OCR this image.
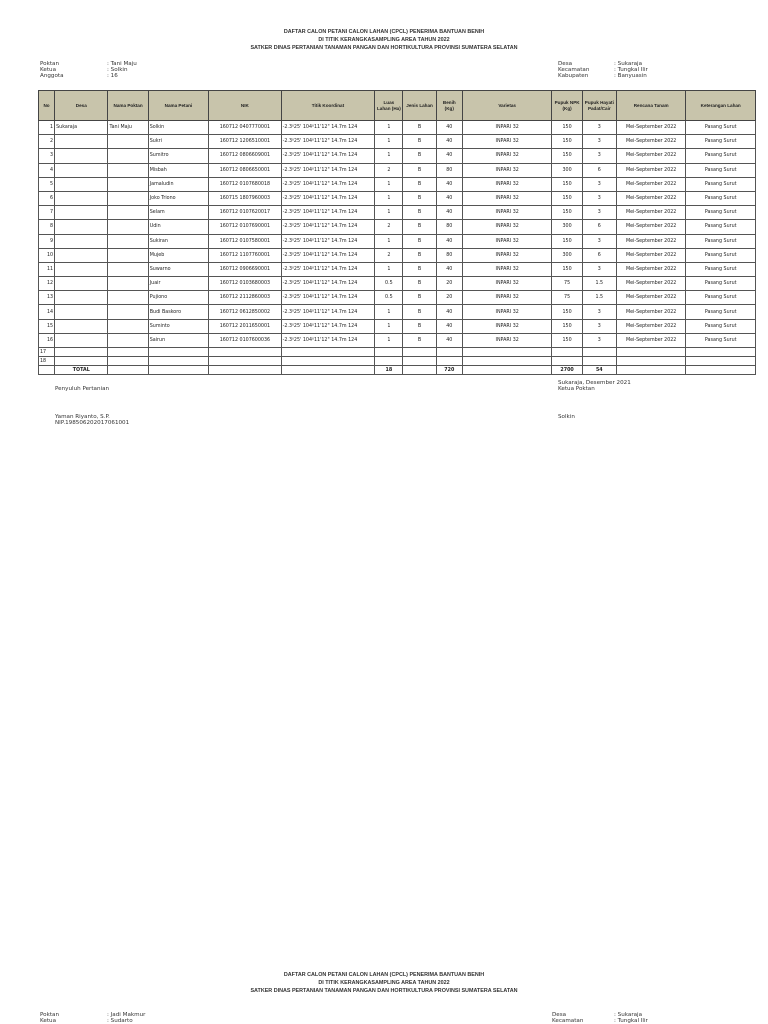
DAFTAR CALON PETANI CALON LAHAN (CPCL) PENERIMA BANTUAN BENIH
DI TITIK KERANGKASAMPLING AREA TAHUN 2022
SATKER DINAS PERTANIAN TANAMAN PANGAN DAN HORTIKULTURA PROVINSI SUMATERA SELATAN
Poktan	: Tani Maju
Ketua	: Solkin
Anggota	: 16
Desa	: Sukaraja
Kecamatan	: Tungkal Ilir
Kabupaten	: Banyuasin
No	Desa	Nama Poktan	Nama Petani	NIK	Titik Koordinat	Luas Lahan (Ha)	Jenis Lahan	Benih (Kg)	Varietas	Pupuk NPK (Kg)	Pupuk Hayati Padat/Cair	Rencana Tanam	Keterangan Lahan
1	Sukaraja	Tani Maju	Solkin	160712 0407770001	-2.3⁰25' 104⁰11'12" 14.7m 124	1	B	40	INPARI 32	150	3	Mei-September 2022	Pasang Surut
2			Sukri	160712 1206510001	-2.3⁰25' 104⁰11'12" 14.7m 124	1	B	40	INPARI 32	150	3	Mei-September 2022	Pasang Surut
3			Sumitro	160712 0806609001	-2.3⁰25' 104⁰11'12" 14.7m 124	1	B	40	INPARI 32	150	3	Mei-September 2022	Pasang Surut
4			Misbah	160712 0806650001	-2.3⁰25' 104⁰11'12" 14.7m 124	2	B	80	INPARI 32	300	6	Mei-September 2022	Pasang Surut
5			Jamaludin	160712 0107680018	-2.3⁰25' 104⁰11'12" 14.7m 124	1	B	40	INPARI 32	150	3	Mei-September 2022	Pasang Surut
6			Joko Triono	160715 1807960003	-2.3⁰25' 104⁰11'12" 14.7m 124	1	B	40	INPARI 32	150	3	Mei-September 2022	Pasang Surut
7			Selam	160712 0107620017	-2.3⁰25' 104⁰11'12" 14.7m 124	1	B	40	INPARI 32	150	3	Mei-September 2022	Pasang Surut
8			Udin	160712 0107690001	-2.3⁰25' 104⁰11'12" 14.7m 124	2	B	80	INPARI 32	300	6	Mei-September 2022	Pasang Surut
9			Sukiran	160712 0107580001	-2.3⁰25' 104⁰11'12" 14.7m 124	1	B	40	INPARI 32	150	3	Mei-September 2022	Pasang Surut
10			Mujeb	160712 1107760001	-2.3⁰25' 104⁰11'12" 14.7m 124	2	B	80	INPARI 32	300	6	Mei-September 2022	Pasang Surut
11			Suwarno	160712 0906690001	-2.3⁰25' 104⁰11'12" 14.7m 124	1	B	40	INPARI 32	150	3	Mei-September 2022	Pasang Surut
12			Juair	160712 0103680003	-2.3⁰25' 104⁰11'12" 14.7m 124	0.5	B	20	INPARI 32	75	1.5	Mei-September 2022	Pasang Surut
13			Pujiono	160712 2112860003	-2.3⁰25' 104⁰11'12" 14.7m 124	0.5	B	20	INPARI 32	75	1.5	Mei-September 2022	Pasang Surut
14			Budi Baskoro	160712 0612850002	-2.3⁰25' 104⁰11'12" 14.7m 124	1	B	40	INPARI 32	150	3	Mei-September 2022	Pasang Surut
15			Suminto	160712 2011650001	-2.3⁰25' 104⁰11'12" 14.7m 124	1	B	40	INPARI 32	150	3	Mei-September 2022	Pasang Surut
16			Sairun	160712 0107600036	-2.3⁰25' 104⁰11'12" 14.7m 124	1	B	40	INPARI 32	150	3	Mei-September 2022	Pasang Surut
17													
18													
	TOTAL					18		720		2700	54		
Penyuluh Pertanian
Yaman Riyanto, S.P.
NIP.198506202017061001
Sukaraja, Desember 2021
Ketua Poktan
Solkin
DAFTAR CALON PETANI CALON LAHAN (CPCL) PENERIMA BANTUAN BENIH
DI TITIK KERANGKASAMPLING AREA TAHUN 2022
SATKER DINAS PERTANIAN TANAMAN PANGAN DAN HORTIKULTURA PROVINSI SUMATERA SELATAN
Poktan	: Jadi Makmur
Ketua	: Sudarto
Desa	: Sukaraja
Kecamatan	: Tungkal Ilir
